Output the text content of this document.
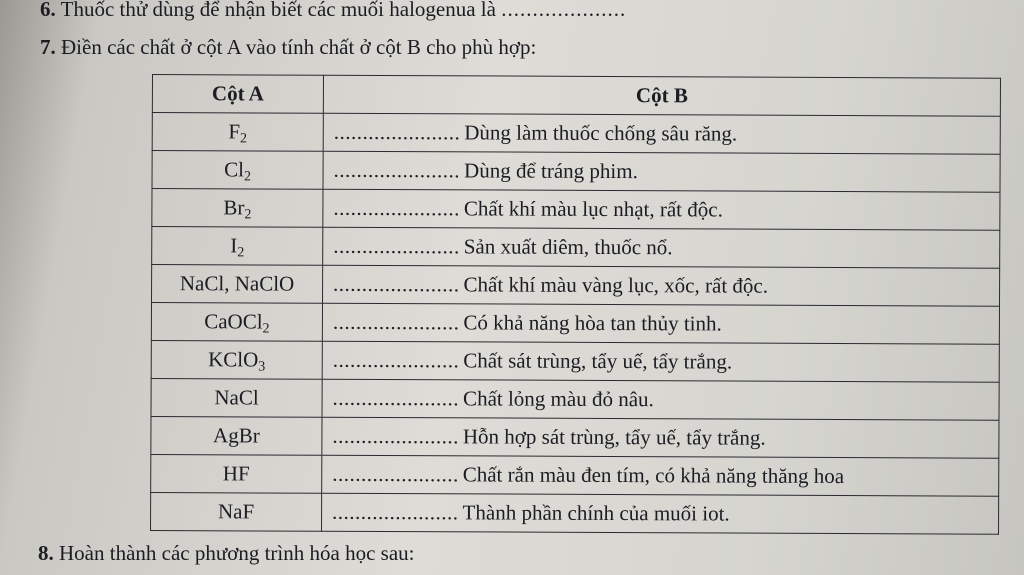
6. Thuốc thử dùng để nhận biết các muối halogenua là ....................
7. Điền các chất ở cột A vào tính chất ở cột B cho phù hợp:
Cột A	Cột B
$F_2$	...................... Dùng làm thuốc chống sâu răng.
$Cl_2$	...................... Dùng để tráng phim.
$Br_2$	...................... Chất khí màu lục nhạt, rất độc.
$I_2$	...................... Sản xuất diêm, thuốc nổ.
NaCl, NaClO	...................... Chất khí màu vàng lục, xốc, rất độc.
CaOCl$_2$	...................... Có khả năng hòa tan thủy tinh.
KClO$_3$	...................... Chất sát trùng, tẩy uế, tẩy trắng.
NaCl	...................... Chất lỏng màu đỏ nâu.
AgBr	...................... Hỗn hợp sát trùng, tẩy uế, tẩy trắng.
HF	...................... Chất rắn màu đen tím, có khả năng thăng hoa
NaF	...................... Thành phần chính của muối iot.
8. Hoàn thành các phương trình hóa học sau:
